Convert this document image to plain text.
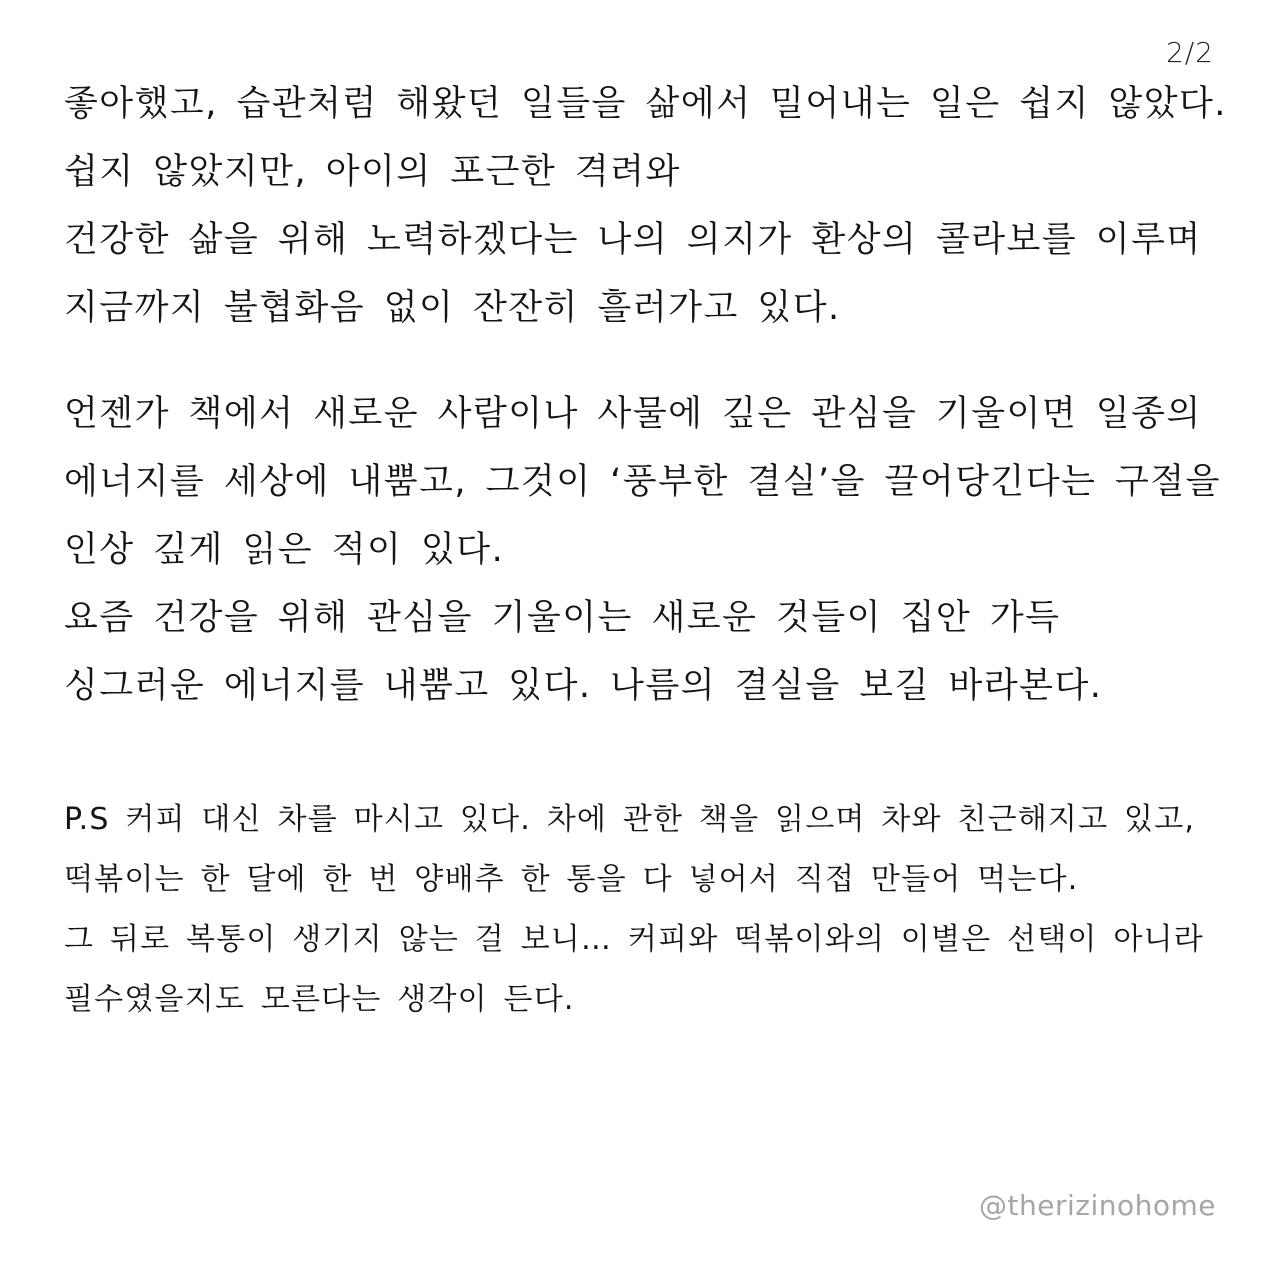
2/2
좋아했고, 습관처럼 해왔던 일들을 삶에서 밀어내는 일은 쉽지 않았다.
쉽지 않았지만, 아이의 포근한 격려와
건강한 삶을 위해 노력하겠다는 나의 의지가 환상의 콜라보를 이루며
지금까지 불협화음 없이 잔잔히 흘러가고 있다.
언젠가 책에서 새로운 사람이나 사물에 깊은 관심을 기울이면 일종의
에너지를 세상에 내뿜고, 그것이 ‘풍부한 결실’을 끌어당긴다는 구절을
인상 깊게 읽은 적이 있다.
요즘 건강을 위해 관심을 기울이는 새로운 것들이 집안 가득
싱그러운 에너지를 내뿜고 있다. 나름의 결실을 보길 바라본다.
P.S 커피 대신 차를 마시고 있다. 차에 관한 책을 읽으며 차와 친근해지고 있고,
떡볶이는 한 달에 한 번 양배추 한 통을 다 넣어서 직접 만들어 먹는다.
그 뒤로 복통이 생기지 않는 걸 보니… 커피와 떡볶이와의 이별은 선택이 아니라
필수였을지도 모른다는 생각이 든다.
@therizinohome
